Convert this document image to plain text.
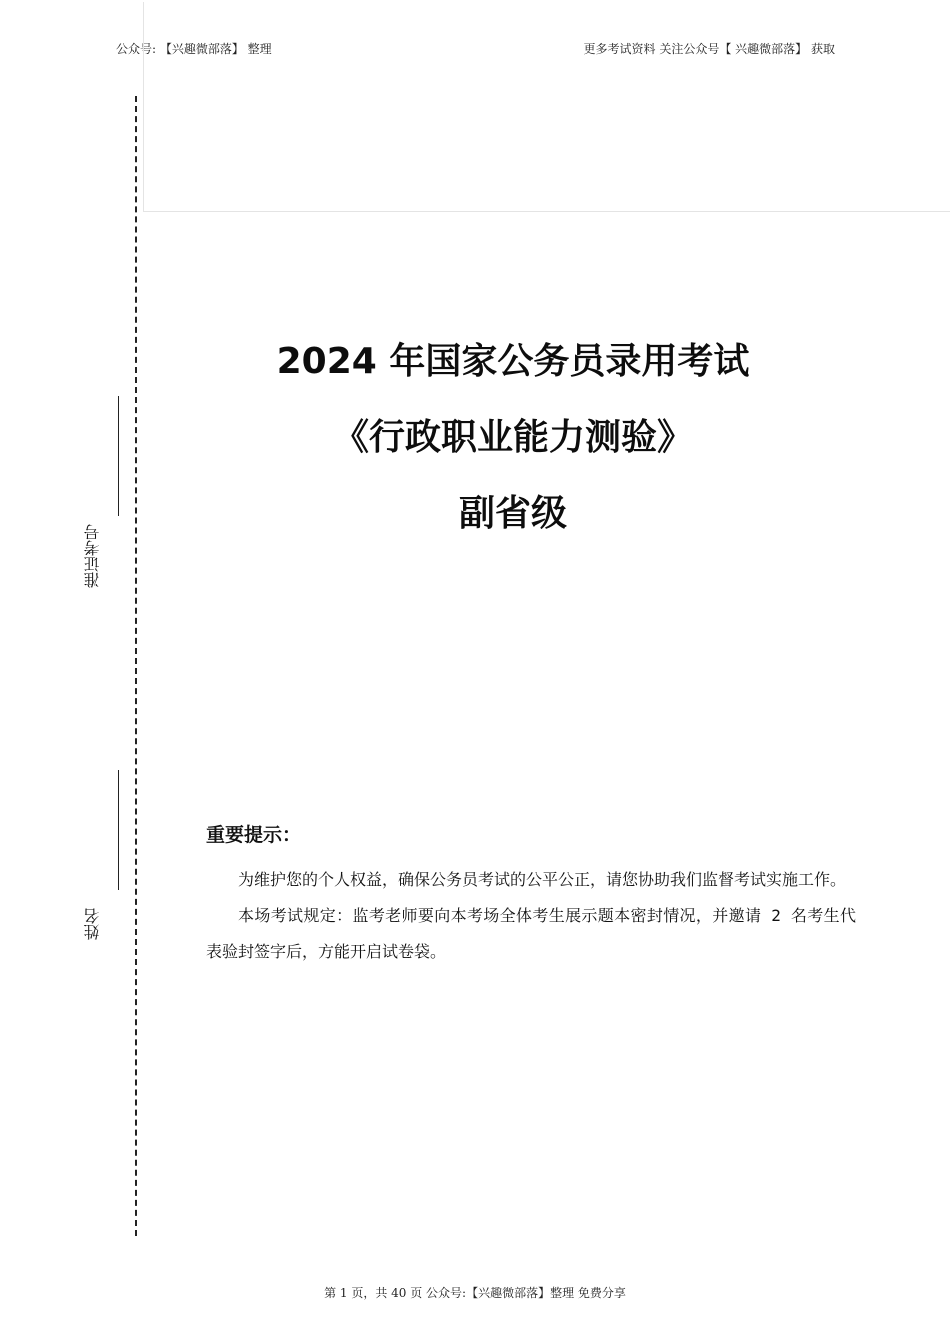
公众号: 【兴趣微部落】 整理	更多考试资料 关注公众号【 兴趣微部落】 获取
准证考号
姓名
2024 年国家公务员录用考试
《行政职业能力测验》
副省级
重要提示：

为维护您的个人权益，确保公务员考试的公平公正，请您协助我们监督考试实施工作。

本场考试规定：监考老师要向本考场全体考生展示题本密封情况，并邀请 2 名考生代表验封签字后，方能开启试卷袋。

第 1 页，共 40 页 公众号:【兴趣微部落】整理 免费分享
